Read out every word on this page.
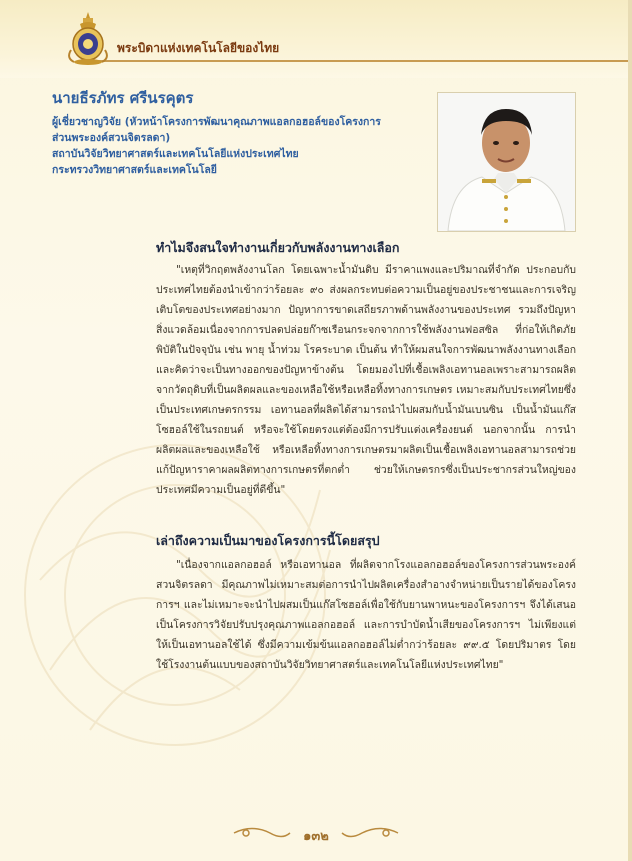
พระบิดาแห่งเทคโนโลยีของไทย

นายธีรภัทร ศรีนรคุตร

ผู้เชี่ยวชาญวิจัย (หัวหน้าโครงการพัฒนาคุณภาพแอลกอฮอล์ของโครงการ

ส่วนพระองค์สวนจิตรลดา)

สถาบันวิจัยวิทยาศาสตร์และเทคโนโลยีแห่งประเทศไทย

กระทรวงวิทยาศาสตร์และเทคโนโลยี

ทำไมจึงสนใจทำงานเกี่ยวกับพลังงานทางเลือก

"เหตุที่วิกฤตพลังงานโลก โดยเฉพาะน้ำมันดิบ มีราคาแพงและปริมาณที่จำกัด ประกอบกับประเทศไทยต้องนำเข้ากว่าร้อยละ ๙๐ ส่งผลกระทบต่อความเป็นอยู่ของประชาชนและการเจริญเติบโตของประเทศอย่างมาก ปัญหาการขาดเสถียรภาพด้านพลังงานของประเทศ รวมถึงปัญหาสิ่งแวดล้อมเนื่องจากการปลดปล่อยก๊าซเรือนกระจกจากการใช้พลังงานฟอสซิล ที่ก่อให้เกิดภัยพิบัติในปัจจุบัน เช่น พายุ น้ำท่วม โรคระบาด เป็นต้น ทำให้ผมสนใจการพัฒนาพลังงานทางเลือก และคิดว่าจะเป็นทางออกของปัญหาข้างต้น โดยมองไปที่เชื้อเพลิงเอทานอลเพราะสามารถผลิตจากวัตถุดิบที่เป็นผลิตผลและของเหลือใช้หรือเหลือทิ้งทางการเกษตร เหมาะสมกับประเทศไทยซึ่งเป็นประเทศเกษตรกรรม เอทานอลที่ผลิตได้สามารถนำไปผสมกับน้ำมันเบนซิน เป็นน้ำมันแก๊สโซฮอล์ใช้ในรถยนต์ หรือจะใช้โดยตรงแต่ต้องมีการปรับแต่งเครื่องยนต์ นอกจากนั้น การนำผลิตผลและของเหลือใช้ หรือเหลือทิ้งทางการเกษตรมาผลิตเป็นเชื้อเพลิงเอทานอลสามารถช่วยแก้ปัญหาราคาผลผลิตทางการเกษตรที่ตกต่ำ ช่วยให้เกษตรกรซึ่งเป็นประชากรส่วนใหญ่ของประเทศมีความเป็นอยู่ที่ดีขึ้น"

เล่าถึงความเป็นมาของโครงการนี้โดยสรุป

"เนื่องจากแอลกอฮอล์ หรือเอทานอล ที่ผลิตจากโรงแอลกอฮอล์ของโครงการส่วนพระองค์สวนจิตรลดา มีคุณภาพไม่เหมาะสมต่อการนำไปผลิตเครื่องสำอางจำหน่ายเป็นรายได้ของโครงการฯ และไม่เหมาะจะนำไปผสมเป็นแก๊สโซฮอล์เพื่อใช้กับยานพาหนะของโครงการฯ จึงได้เสนอเป็นโครงการวิจัยปรับปรุงคุณภาพแอลกอฮอล์ และการบำบัดน้ำเสียของโครงการฯ ไม่เพียงแต่ให้เป็นเอทานอลใช้ได้ ซึ่งมีความเข้มข้นแอลกอฮอล์ไม่ต่ำกว่าร้อยละ ๙๙.๕ โดยปริมาตร โดยใช้โรงงานต้นแบบของสถาบันวิจัยวิทยาศาสตร์และเทคโนโลยีแห่งประเทศไทย"

๑๓๒
